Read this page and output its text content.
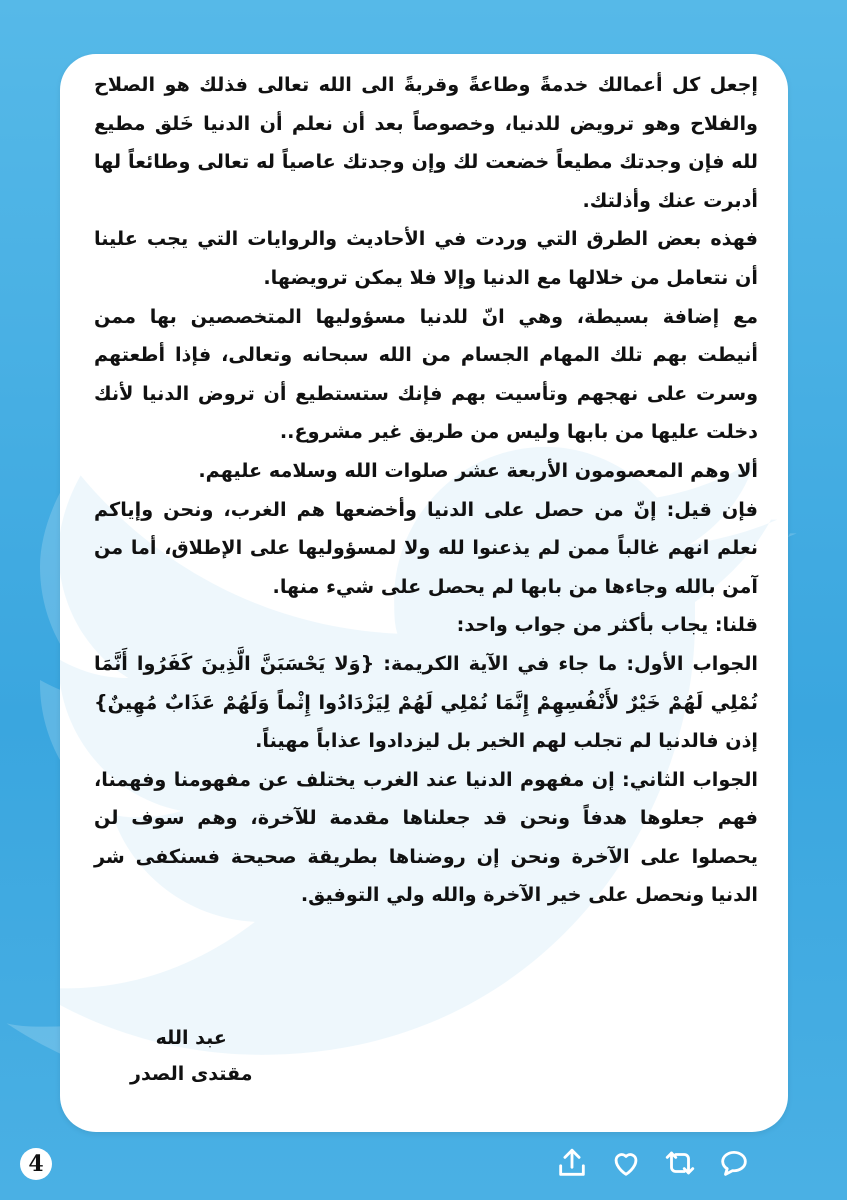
إجعل كل أعمالك خدمةً وطاعةً وقربةً الى الله تعالى فذلك هو الصلاح والفلاح وهو ترويض للدنيا، وخصوصاً بعد أن نعلم أن الدنيا خَلق مطيع لله فإن وجدتك مطيعاً خضعت لك وإن وجدتك عاصياً له تعالى وطائعاً لها أدبرت عنك وأذلتك.

فهذه بعض الطرق التي وردت في الأحاديث والروايات التي يجب علينا أن نتعامل من خلالها مع الدنيا وإلا فلا يمكن ترويضها.

مع إضافة بسيطة، وهي انّ للدنيا مسؤوليها المتخصصين بها ممن أنيطت بهم تلك المهام الجسام من الله سبحانه وتعالى، فإذا أطعتهم وسرت على نهجهم وتأسيت بهم فإنك ستستطيع أن تروض الدنيا لأنك دخلت عليها من بابها وليس من طريق غير مشروع..

ألا وهم المعصومون الأربعة عشر صلوات الله وسلامه عليهم.

فإن قيل: إنّ من حصل على الدنيا وأخضعها هم الغرب، ونحن وإياكم نعلم انهم غالباً ممن لم يذعنوا لله ولا لمسؤوليها على الإطلاق، أما من آمن بالله وجاءها من بابها لم يحصل على شيء منها.

قلنا: يجاب بأكثر من جواب واحد:

الجواب الأول: ما جاء في الآية الكريمة: {وَلا يَحْسَبَنَّ الَّذِينَ كَفَرُوا أَنَّمَا نُمْلِي لَهُمْ خَيْرٌ لأَنْفُسِهِمْ إِنَّمَا نُمْلِي لَهُمْ لِيَزْدَادُوا إِثْماً وَلَهُمْ عَذَابٌ مُهِينٌ} إذن فالدنيا لم تجلب لهم الخير بل ليزدادوا عذاباً مهيناً.

الجواب الثاني: إن مفهوم الدنيا عند الغرب يختلف عن مفهومنا وفهمنا، فهم جعلوها هدفاً ونحن قد جعلناها مقدمة للآخرة، وهم سوف لن يحصلوا على الآخرة ونحن إن روضناها بطريقة صحيحة فسنكفى شر الدنيا ونحصل على خير الآخرة والله ولي التوفيق.

عبد الله
مقتدى الصدر
4
